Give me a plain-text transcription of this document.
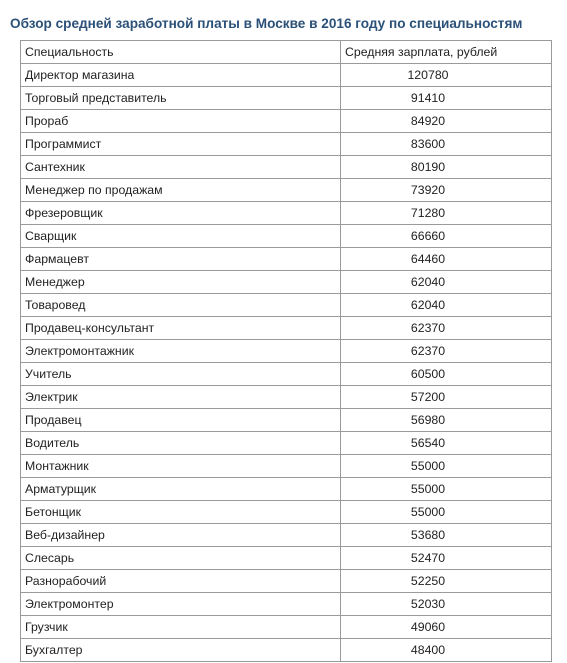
Обзор средней заработной платы в Москве в 2016 году по специальностям
Специальность	Средняя зарплата, рублей
Директор магазина	120780
Торговый представитель	91410
Прораб	84920
Программист	83600
Сантехник	80190
Менеджер по продажам	73920
Фрезеровщик	71280
Сварщик	66660
Фармацевт	64460
Менеджер	62040
Товаровед	62040
Продавец-консультант	62370
Электромонтажник	62370
Учитель	60500
Электрик	57200
Продавец	56980
Водитель	56540
Монтажник	55000
Арматурщик	55000
Бетонщик	55000
Веб-дизайнер	53680
Слесарь	52470
Разнорабочий	52250
Электромонтер	52030
Грузчик	49060
Бухгалтер	48400
